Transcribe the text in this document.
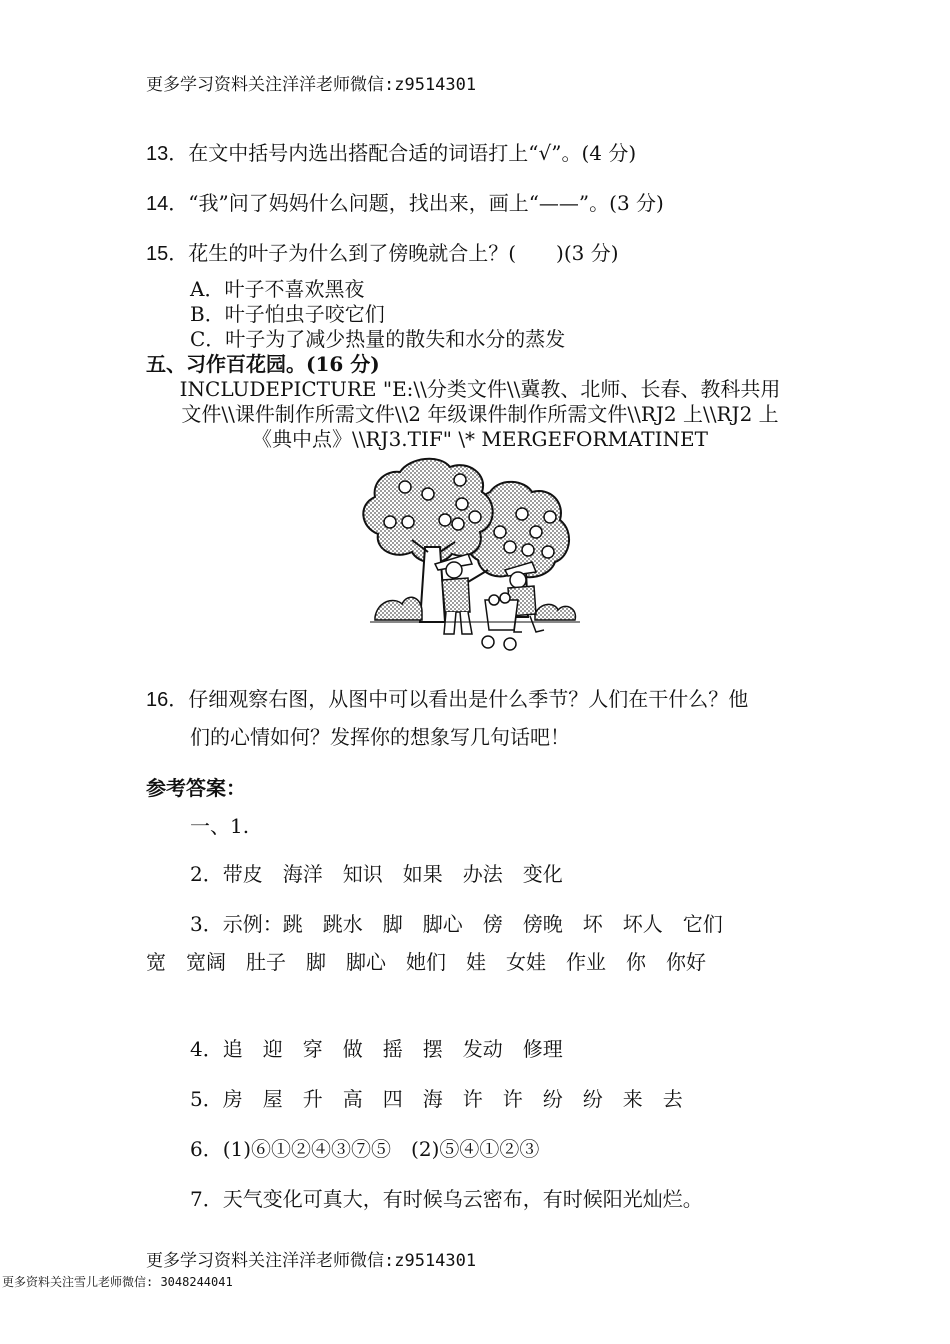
更多学习资料关注洋洋老师微信:z9514301
13．在文中括号内选出搭配合适的词语打上“√”。(4 分)
14．“我”问了妈妈什么问题，找出来，画上“——”。(3 分)
15．花生的叶子为什么到了傍晚就合上？(　　)(3 分)
A．叶子不喜欢黑夜
B．叶子怕虫子咬它们
C．叶子为了减少热量的散失和水分的蒸发
五、习作百花园。(16 分)
INCLUDEPICTURE "E:\\分类文件\\冀教、北师、长春、教科共用
文件\\课件制作所需文件\\2 年级课件制作所需文件\\RJ2 上\\RJ2 上
《典中点》\\RJ3.TIF" \* MERGEFORMATINET
16．仔细观察右图，从图中可以看出是什么季节？人们在干什么？他
们的心情如何？发挥你的想象写几句话吧！
参考答案：
一、1.
2．带皮　海洋　知识　如果　办法　变化
3．示例：跳　跳水　脚　脚心　傍　傍晚　坏　坏人　它们
宽　宽阔　肚子　脚　脚心　她们　娃　女娃　作业　你　你好
4．追　迎　穿　做　摇　摆　发动　修理
5．房　屋　升　高　四　海　许　许　纷　纷　来　去
6．(1)⑥①②④③⑦⑤　(2)⑤④①②③
7．天气变化可真大，有时候乌云密布，有时候阳光灿烂。
更多学习资料关注洋洋老师微信:z9514301
更多资料关注雪儿老师微信: 3048244041
